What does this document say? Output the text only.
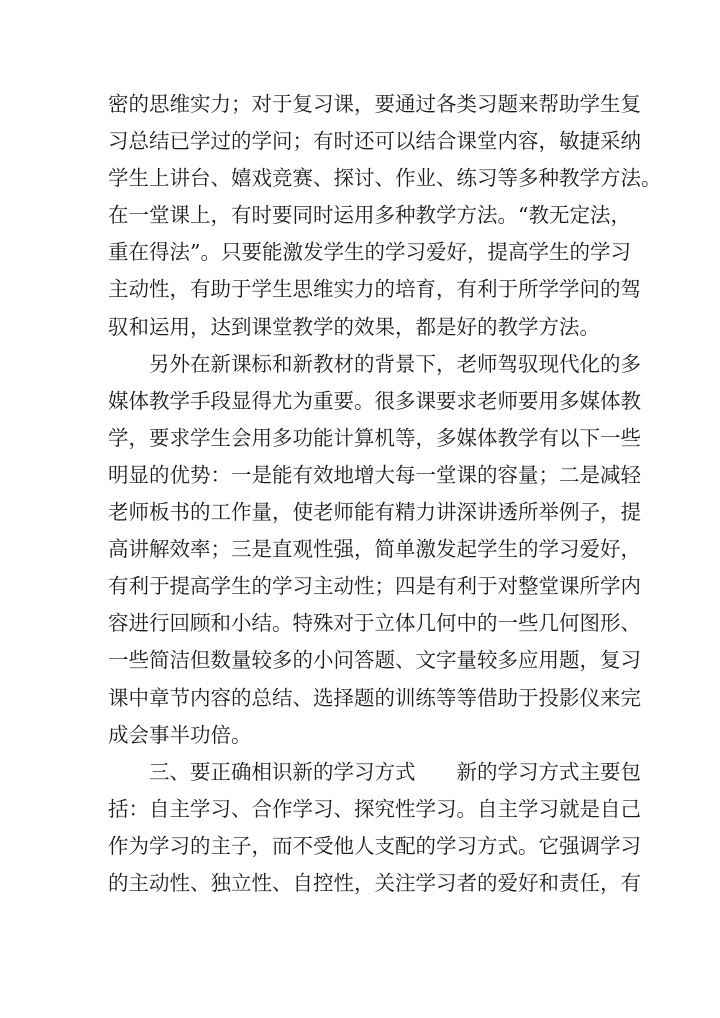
密的思维实力；对于复习课，要通过各类习题来帮助学生复
习总结已学过的学问；有时还可以结合课堂内容，敏捷采纳
学生上讲台、嬉戏竞赛、探讨、作业、练习等多种教学方法。
在一堂课上，有时要同时运用多种教学方法。“教无定法，
重在得法”。只要能激发学生的学习爱好，提高学生的学习
主动性，有助于学生思维实力的培育，有利于所学学问的驾
驭和运用，达到课堂教学的效果，都是好的教学方法。
另外在新课标和新教材的背景下，老师驾驭现代化的多
媒体教学手段显得尤为重要。很多课要求老师要用多媒体教
学，要求学生会用多功能计算机等，多媒体教学有以下一些
明显的优势：一是能有效地增大每一堂课的容量；二是减轻
老师板书的工作量，使老师能有精力讲深讲透所举例子，提
高讲解效率；三是直观性强，简单激发起学生的学习爱好，
有利于提高学生的学习主动性；四是有利于对整堂课所学内
容进行回顾和小结。特殊对于立体几何中的一些几何图形、
一些简洁但数量较多的小问答题、文字量较多应用题，复习
课中章节内容的总结、选择题的训练等等借助于投影仪来完
成会事半功倍。
三、要正确相识新的学习方式　　新的学习方式主要包
括：自主学习、合作学习、探究性学习。自主学习就是自己
作为学习的主子，而不受他人支配的学习方式。它强调学习
的主动性、独立性、自控性，关注学习者的爱好和责任，有
